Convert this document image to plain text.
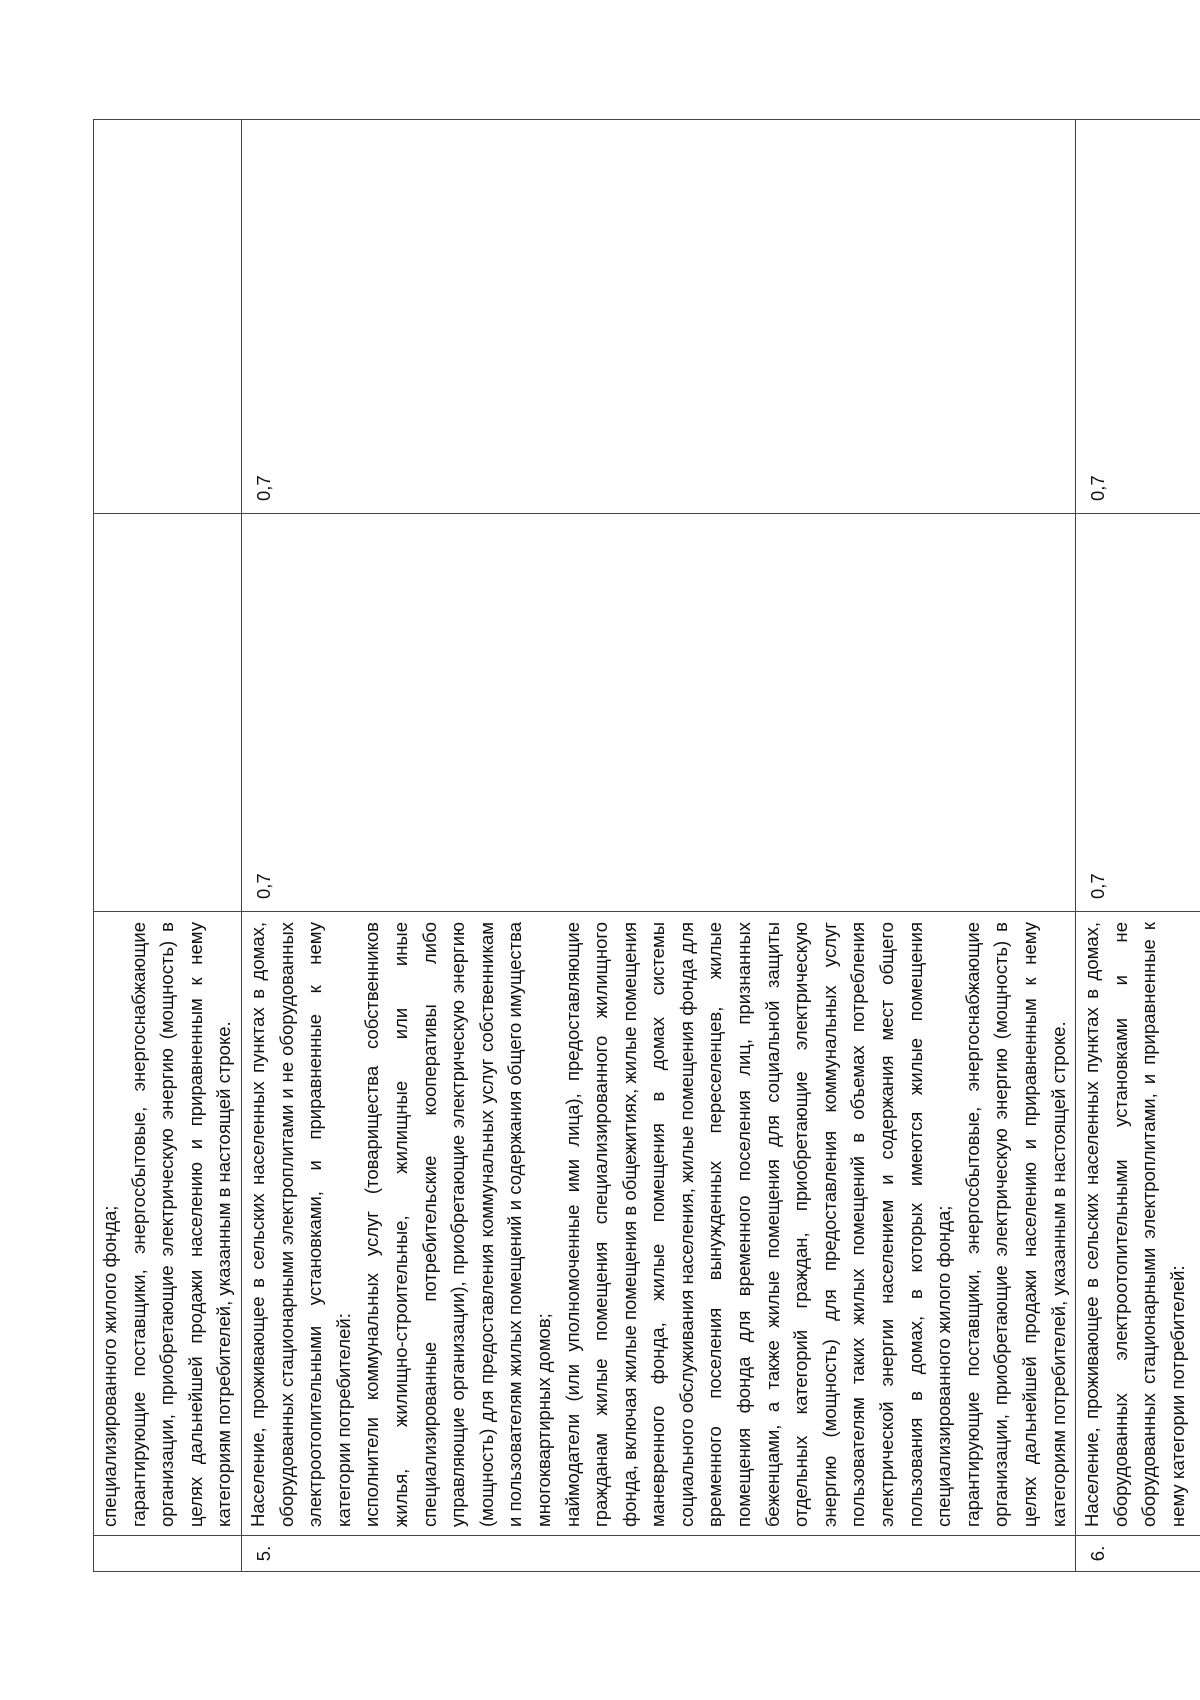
	специализированного жилого фонда; гарантирующие поставщики, энергосбытовые, энергоснабжающие организации, приобретающие электрическую энергию (мощность) в целях дальнейшей продажи населению и приравненным к нему категориям потребителей, указанным в настоящей строке.		

5.	Население, проживающее в сельских населенных пунктах в домах, оборудованных стационарными электроплитами и не оборудованных электроотопительными установками, и приравненные к нему категории потребителей: исполнители коммунальных услуг (товарищества собственников жилья, жилищно-строительные, жилищные или иные специализированные потребительские кооперативы либо управляющие организации), приобретающие электрическую энергию (мощность) для предоставления коммунальных услуг собственникам и пользователям жилых помещений и содержания общего имущества многоквартирных домов; наймодатели (или уполномоченные ими лица), предоставляющие гражданам жилые помещения специализированного жилищного фонда, включая жилые помещения в общежитиях, жилые помещения маневренного фонда, жилые помещения в домах системы социального обслуживания населения, жилые помещения фонда для временного поселения вынужденных переселенцев, жилые помещения фонда для временного поселения лиц, признанных беженцами, а также жилые помещения для социальной защиты отдельных категорий граждан, приобретающие электрическую энергию (мощность) для предоставления коммунальных услуг пользователям таких жилых помещений в объемах потребления электрической энергии населением и содержания мест общего пользования в домах, в которых имеются жилые помещения специализированного жилого фонда; гарантирующие поставщики, энергосбытовые, энергоснабжающие организации, приобретающие электрическую энергию (мощность) в целях дальнейшей продажи населению и приравненным к нему категориям потребителей, указанным в настоящей строке.	0,7	0,7
6.	Население, проживающее в сельских населенных пунктах в домах, оборудованных электроотопительными установками и не оборудованных стационарными электроплитами, и приравненные к нему категории потребителей:	0,7	0,7
